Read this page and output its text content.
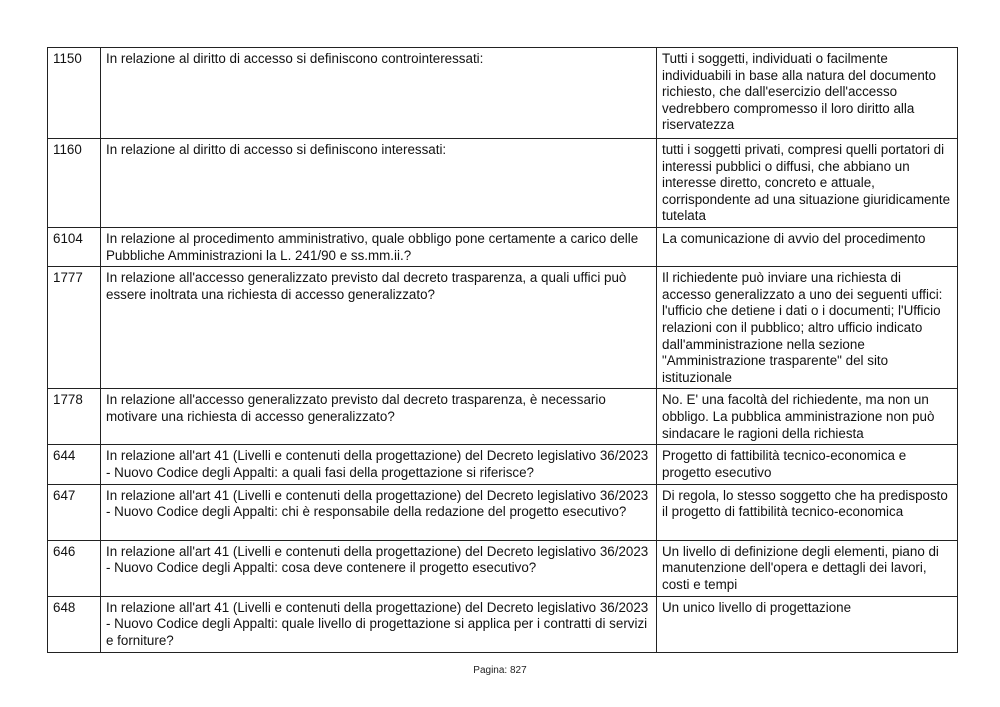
1150	In relazione al diritto di accesso si definiscono controinteressati:	Tutti i soggetti, individuati o facilmente individuabili in base alla natura del documento richiesto, che dall'esercizio dell'accesso vedrebbero compromesso il loro diritto alla riservatezza
1160	In relazione al diritto di accesso si definiscono interessati:	tutti i soggetti privati, compresi quelli portatori di interessi pubblici o diffusi, che abbiano un interesse diretto, concreto e attuale, corrispondente ad una situazione giuridicamente tutelata
6104	In relazione al procedimento amministrativo, quale obbligo pone certamente a carico delle Pubbliche Amministrazioni la L. 241/90 e ss.mm.ii.?	La comunicazione di avvio del procedimento
1777	In relazione all'accesso generalizzato previsto dal decreto trasparenza, a quali uffici può essere inoltrata una richiesta di accesso generalizzato?	Il richiedente può inviare una richiesta di accesso generalizzato a uno dei seguenti uffici: l'ufficio che detiene i dati o i documenti; l'Ufficio relazioni con il pubblico; altro ufficio indicato dall'amministrazione nella sezione "Amministrazione trasparente" del sito istituzionale
1778	In relazione all'accesso generalizzato previsto dal decreto trasparenza, è necessario motivare una richiesta di accesso generalizzato?	No. E' una facoltà del richiedente, ma non un obbligo. La pubblica amministrazione non può sindacare le ragioni della richiesta
644	In relazione all'art 41 (Livelli e contenuti della progettazione) del Decreto legislativo 36/2023 - Nuovo Codice degli Appalti: a quali fasi della progettazione si riferisce?	Progetto di fattibilità tecnico-economica e progetto esecutivo
647	In relazione all'art 41 (Livelli e contenuti della progettazione) del Decreto legislativo 36/2023 - Nuovo Codice degli Appalti: chi è responsabile della redazione del progetto esecutivo?	Di regola, lo stesso soggetto che ha predisposto il progetto di fattibilità tecnico-economica
646	In relazione all'art 41 (Livelli e contenuti della progettazione) del Decreto legislativo 36/2023 - Nuovo Codice degli Appalti: cosa deve contenere il progetto esecutivo?	Un livello di definizione degli elementi, piano di manutenzione dell'opera e dettagli dei lavori, costi e tempi
648	In relazione all'art 41 (Livelli e contenuti della progettazione) del Decreto legislativo 36/2023 - Nuovo Codice degli Appalti: quale livello di progettazione si applica per i contratti di servizi e forniture?	Un unico livello di progettazione
Pagina: 827
